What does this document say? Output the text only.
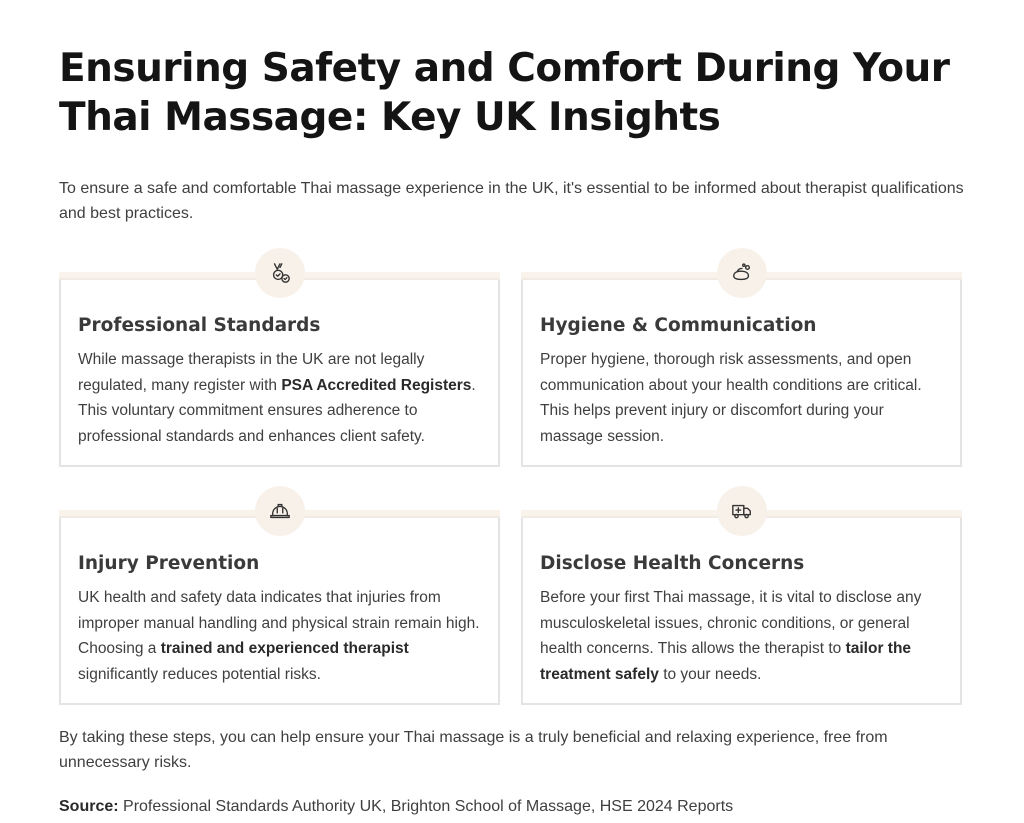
Ensuring Safety and Comfort During Your Thai Massage: Key UK Insights

To ensure a safe and comfortable Thai massage experience in the UK, it's essential to be informed about therapist qualifications and best practices.

Professional Standards

While massage therapists in the UK are not legally regulated, many register with PSA Accredited Registers. This voluntary commitment ensures adherence to professional standards and enhances client safety.

Hygiene & Communication

Proper hygiene, thorough risk assessments, and open communication about your health conditions are critical. This helps prevent injury or discomfort during your massage session.

Injury Prevention

UK health and safety data indicates that injuries from improper manual handling and physical strain remain high. Choosing a trained and experienced therapist significantly reduces potential risks.

Disclose Health Concerns

Before your first Thai massage, it is vital to disclose any musculoskeletal issues, chronic conditions, or general health concerns. This allows the therapist to tailor the treatment safely to your needs.

By taking these steps, you can help ensure your Thai massage is a truly beneficial and relaxing experience, free from unnecessary risks.

Source: Professional Standards Authority UK, Brighton School of Massage, HSE 2024 Reports
